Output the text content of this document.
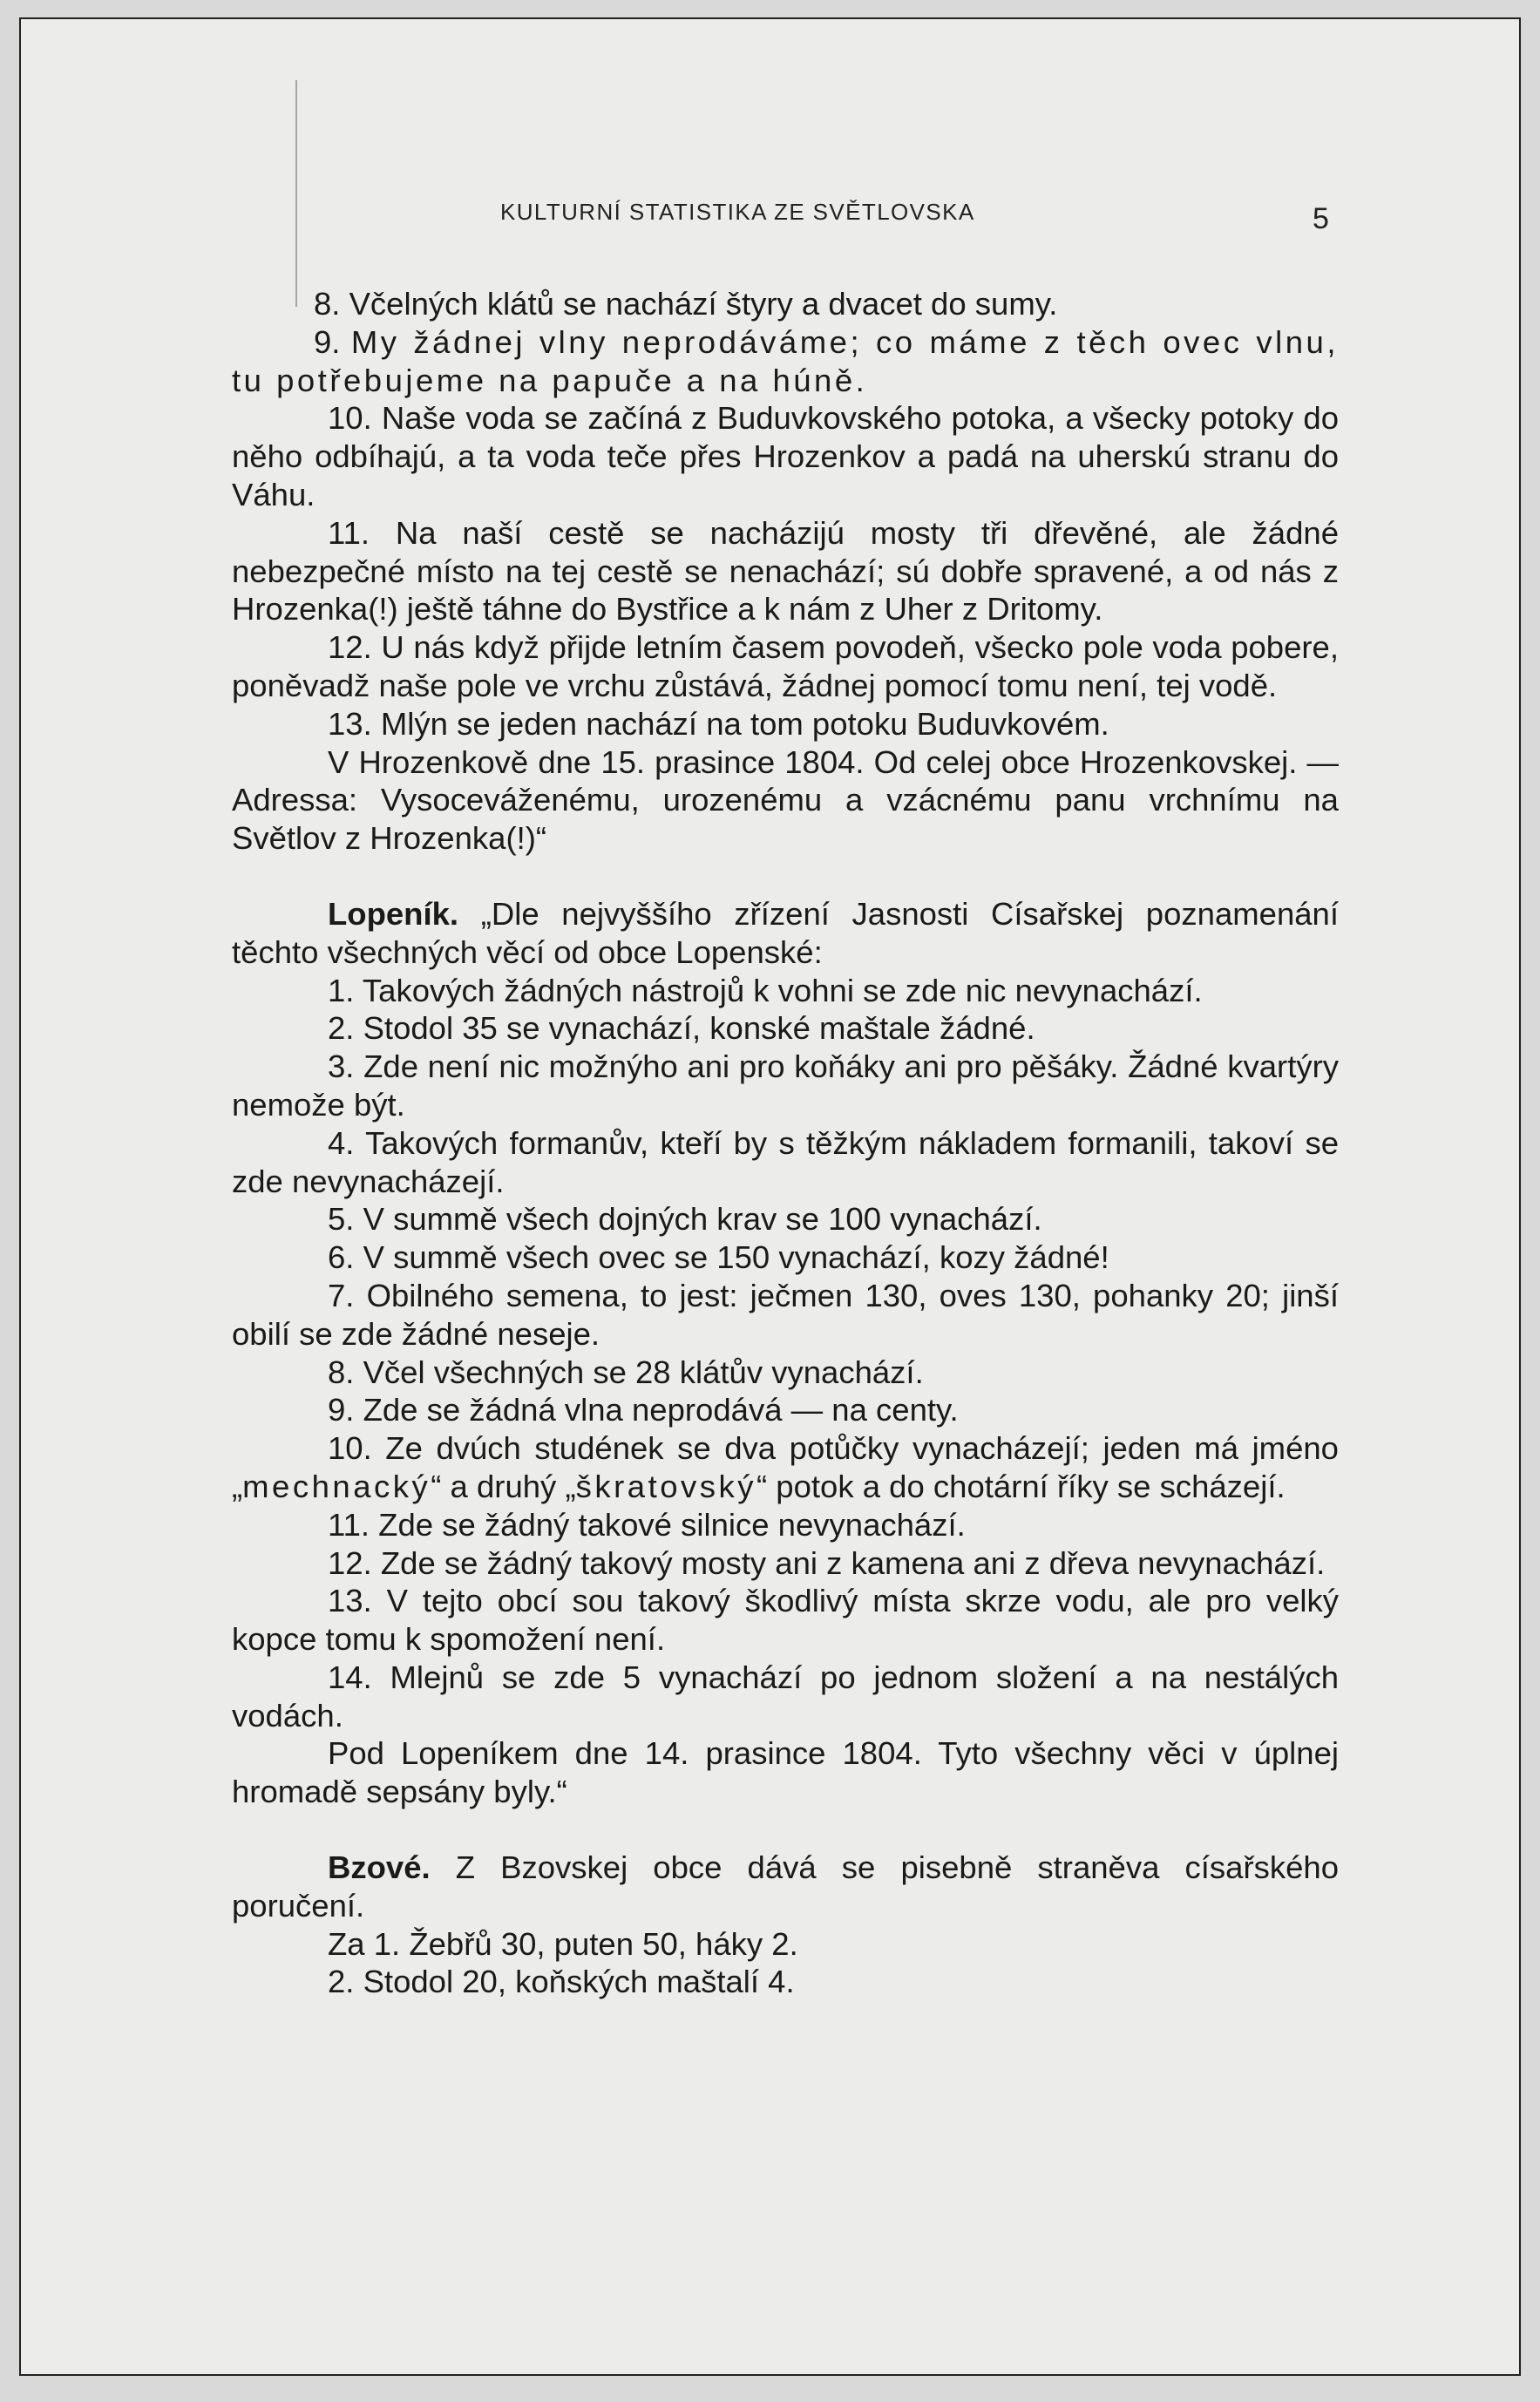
KULTURNÍ STATISTIKA ZE SVĚTLOVSKA	5

8. Včelných klátů se nachází štyry a dvacet do sumy.

9. My žádnej vlny neprodáváme; co máme z těch ovec vlnu, tu potřebujeme na papuče a na húně.

10. Naše voda se začíná z Buduvkovského potoka, a všecky potoky do něho odbíhajú, a ta voda teče přes Hrozenkov a padá na uherskú stranu do Váhu.

11. Na naší cestě se nacházijú mosty tři dřevěné, ale žádné nebezpečné místo na tej cestě se nenachází; sú dobře spravené, a od nás z Hrozenka(!) ještě táhne do Bystřice a k nám z Uher z Dritomy.

12. U nás když přijde letním časem povodeň, všecko pole voda pobere, poněvadž naše pole ve vrchu zůstává, žádnej pomocí tomu není, tej vodě.

13. Mlýn se jeden nachází na tom potoku Buduvkovém.

V Hrozenkově dne 15. prasince 1804. Od celej obce Hrozenkovskej. — Adressa: Vysoceváženému, urozenému a vzácnému panu vrchnímu na Světlov z Hrozenka(!)“

Lopeník. „Dle nejvyššího zřízení Jasnosti Císařskej poznamenání těchto všechných věcí od obce Lopenské:

1. Takových žádných nástrojů k vohni se zde nic nevynachází.

2. Stodol 35 se vynachází, konské maštale žádné.

3. Zde není nic možnýho ani pro koňáky ani pro pěšáky. Žádné kvartýry nemože být.

4. Takových formanův, kteří by s těžkým nákladem formanili, takoví se zde nevynacházejí.

5. V summě všech dojných krav se 100 vynachází.

6. V summě všech ovec se 150 vynachází, kozy žádné!

7. Obilného semena, to jest: ječmen 130, oves 130, pohanky 20; jinší obilí se zde žádné neseje.

8. Včel všechných se 28 klátův vynachází.

9. Zde se žádná vlna neprodává — na centy.

10. Ze dvúch studének se dva potůčky vynacházejí; jeden má jméno „mechnacký“ a druhý „škratovský“ potok a do chotární říky se scházejí.

11. Zde se žádný takové silnice nevynachází.

12. Zde se žádný takový mosty ani z kamena ani z dřeva nevynachází.

13. V tejto obcí sou takový škodlivý místa skrze vodu, ale pro velký kopce tomu k spomožení není.

14. Mlejnů se zde 5 vynachází po jednom složení a na nestálých vodách.

Pod Lopeníkem dne 14. prasince 1804. Tyto všechny věci v úplnej hromadě sepsány byly.“

Bzové. Z Bzovskej obce dává se pisebně straněva císařského poručení.

Za 1. Žebřů 30, puten 50, háky 2.

2. Stodol 20, koňských maštalí 4.
